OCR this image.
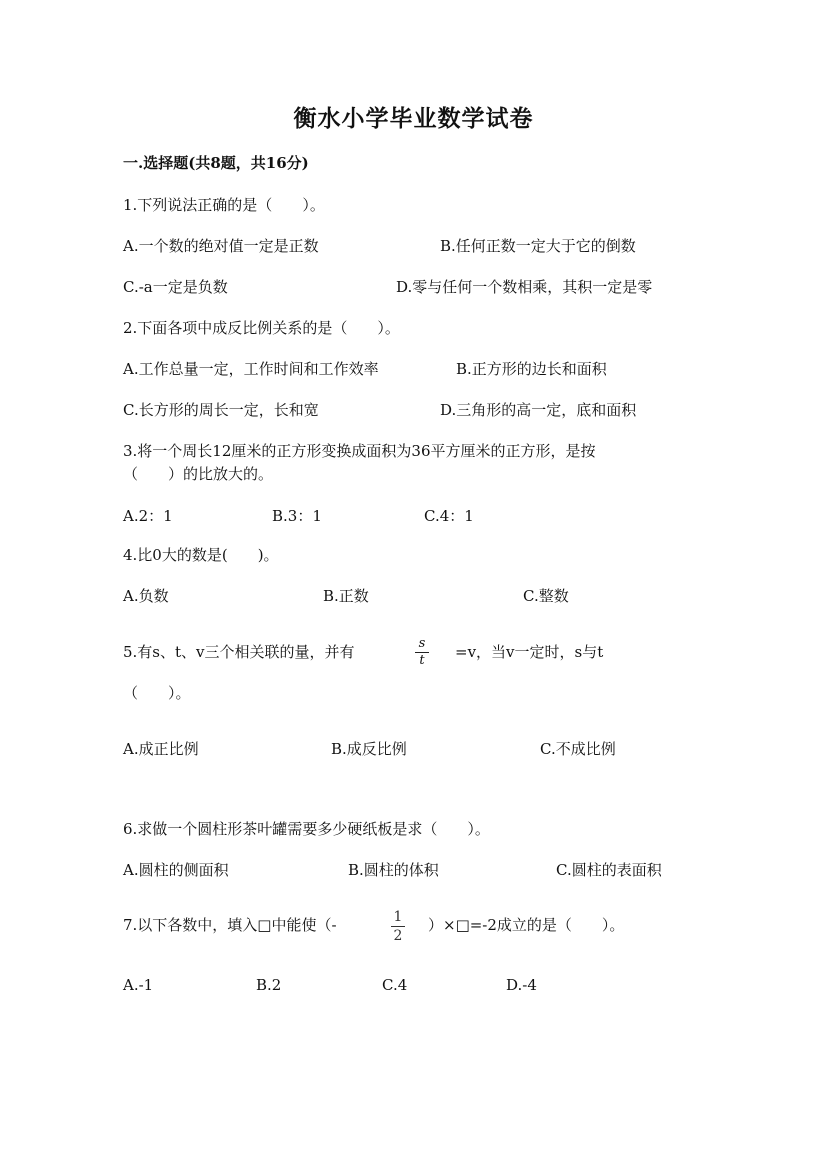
衡水小学毕业数学试卷
一.选择题(共8题，共16分)
1.下列说法正确的是（　　）。
A.一个数的绝对值一定是正数	B.任何正数一定大于它的倒数
C.-a一定是负数	D.零与任何一个数相乘，其积一定是零
2.下面各项中成反比例关系的是（　　）。
A.工作总量一定，工作时间和工作效率	B.正方形的边长和面积
C.长方形的周长一定，长和宽	D.三角形的高一定，底和面积
3.将一个周长12厘米的正方形变换成面积为36平方厘米的正方形，是按
（　　）的比放大的。
A.2：1	B.3：1	C.4：1
4.比0大的数是(　　)。
A.负数	B.正数	C.整数
5.有s、t、v三个相关联的量，并有	s
t =v，当v一定时，s与t
（　　）。
A.成正比例	B.成反比例	C.不成比例
6.求做一个圆柱形茶叶罐需要多少硬纸板是求（　　）。
A.圆柱的侧面积	B.圆柱的体积	C.圆柱的表面积
7.以下各数中，填入□中能使（-	1
2
）×□=-2成立的是（　　）。
A.-1	B.2	C.4	D.-4
